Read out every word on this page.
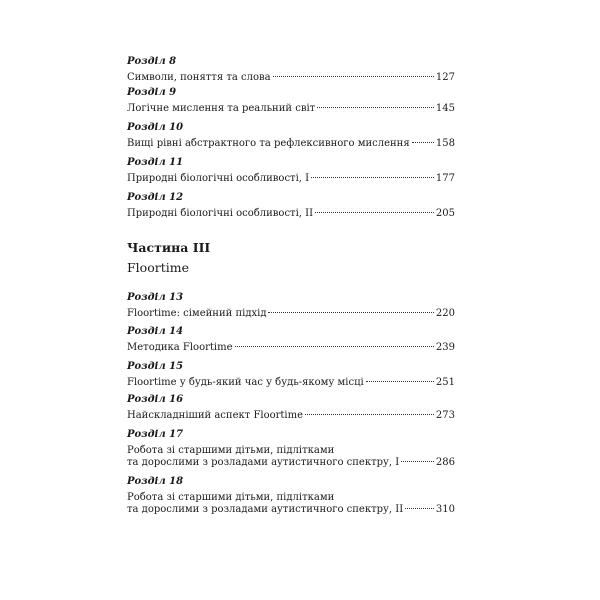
Розділ 8

Символи, поняття та слова	127

Розділ 9

Логічне мислення та реальний світ	145

Розділ 10

Вищі рівні абстрактного та рефлексивного мислення	158

Розділ 11

Природні біологічні особливості, I	177

Розділ 12

Природні біологічні особливості, II	205
Частина III
Floortime

Розділ 13

Floortime: сімейний підхід	220

Розділ 14

Методика Floortime	239

Розділ 15

Floortime у будь-який час у будь-якому місці	251

Розділ 16

Найскладніший аспект Floortime	273

Розділ 17

Робота зі старшими дітьми, підлітками
та дорослими з розладами аутистичного спектру, I	286

Розділ 18

Робота зі старшими дітьми, підлітками
та дорослими з розладами аутистичного спектру, II	310
